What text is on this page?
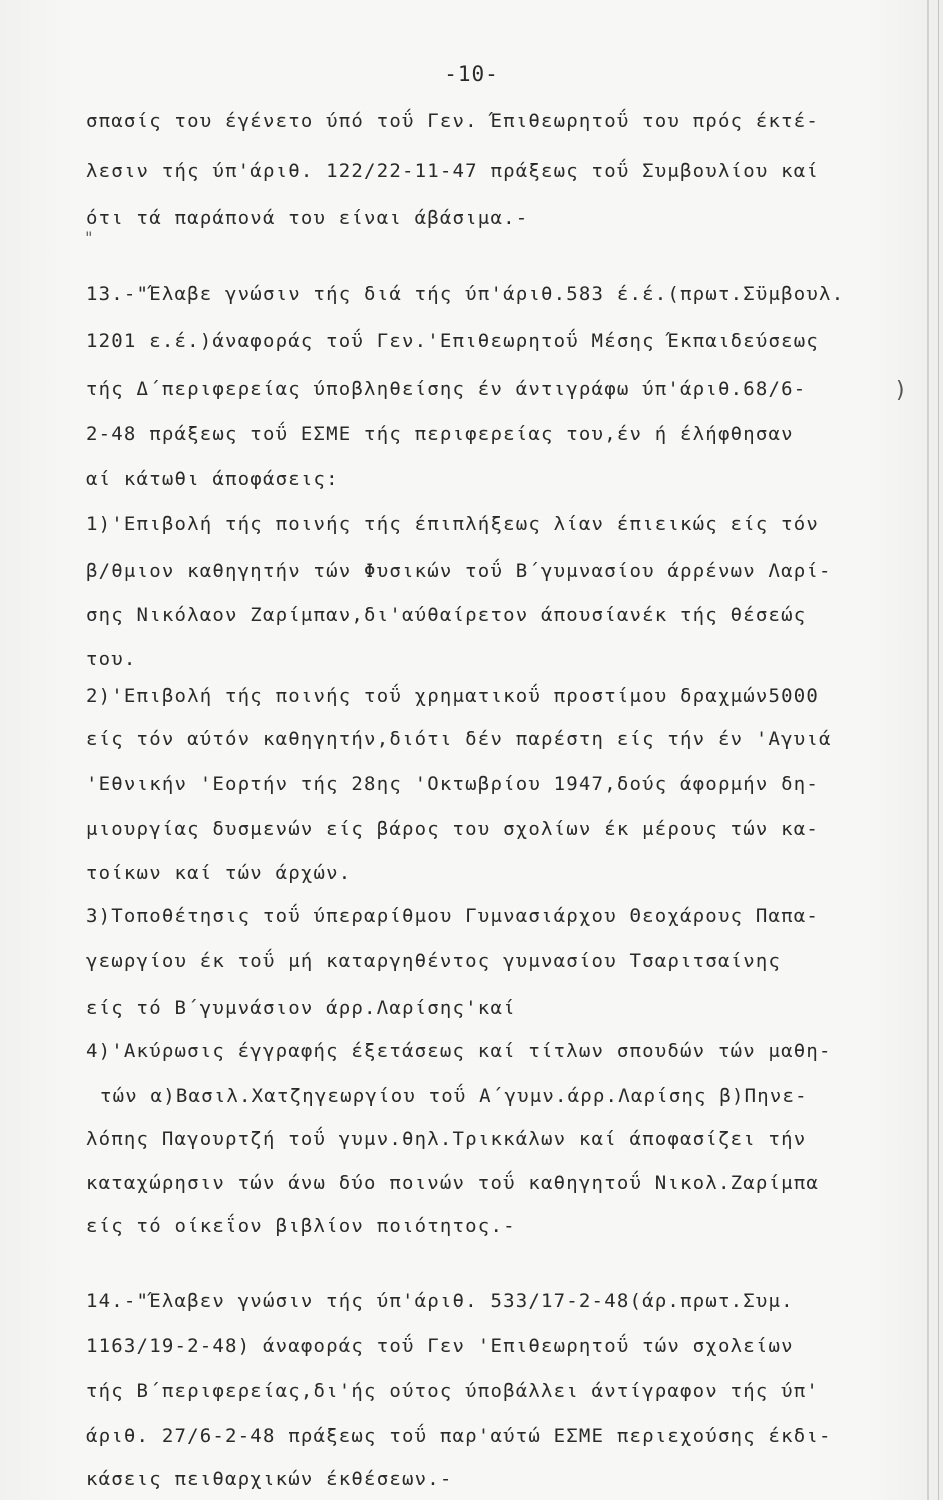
-10-
"
)
σπασίς του έγένετο ύπό τοΰ Γεν. Έπιθεωρητοΰ του πρός έκτέ-
λεσιν τής ύπ'άριθ. 122/22-11-47 πράξεως τοΰ Συμβουλίου καί
ότι τά παράπονά του είναι άβάσιμα.-
13.-"Έλαβε γνώσιν τής διά τής ύπ'άριθ.583 έ.έ.(πρωτ.Σϋμβουλ.
1201 ε.έ.)άναφοράς τοΰ Γεν.'Επιθεωρητοΰ Μέσης Έκπαιδεύσεως
τής Δ΄περιφερείας ύποβληθείσης έν άντιγράφω ύπ'άριθ.68/6-
2-48 πράξεως τοΰ ΕΣΜΕ τής περιφερείας του,έν ή έλήφθησαν
αί κάτωθι άποφάσεις:
1)'Επιβολή τής ποινής τής έπιπλήξεως λίαν έπιεικώς είς τόν
β/θμιον καθηγητήν τών Φυσικών τοΰ Β΄γυμνασίου άρρένων Λαρί-
σης Νικόλαον Ζαρίμπαν,δι'αύθαίρετον άπουσίανέκ τής θέσεώς
του.
2)'Επιβολή τής ποινής τοΰ χρηματικοΰ προστίμου δραχμών5000
είς τόν αύτόν καθηγητήν,διότι δέν παρέστη είς τήν έν 'Αγυιά
'Εθνικήν 'Εορτήν τής 28ης 'Οκτωβρίου 1947,δούς άφορμήν δη-
μιουργίας δυσμενών είς βάρος του σχολίων έκ μέρους τών κα-
τοίκων καί τών άρχών.
3)Τοποθέτησις τοΰ ύπεραρίθμου Γυμνασιάρχου Θεοχάρους Παπα-
γεωργίου έκ τοΰ μή καταργηθέντος γυμνασίου Τσαριτσαίνης
είς τό Β΄γυμνάσιον άρρ.Λαρίσης'καί
4)'Ακύρωσις έγγραφής έξετάσεως καί τίτλων σπουδών τών μαθη-
τών α)Βασιλ.Χατζηγεωργίου τοΰ Α΄γυμν.άρρ.Λαρίσης β)Πηνε-
λόπης Παγουρτζή τοΰ γυμν.θηλ.Τρικκάλων καί άποφασίζει τήν
καταχώρησιν τών άνω δύο ποινών τοΰ καθηγητοΰ Νικολ.Ζαρίμπα
είς τό οίκεΐον βιβλίον ποιότητος.-
14.-"Έλαβεν γνώσιν τής ύπ'άριθ. 533/17-2-48(άρ.πρωτ.Συμ.
1163/19-2-48) άναφοράς τοΰ Γεν 'Επιθεωρητοΰ τών σχολείων
τής Β΄περιφερείας,δι'ής ούτος ύποβάλλει άντίγραφον τής ύπ'
άριθ. 27/6-2-48 πράξεως τοΰ παρ'αύτώ ΕΣΜΕ περιεχούσης έκδι-
κάσεις πειθαρχικών έκθέσεων.-
